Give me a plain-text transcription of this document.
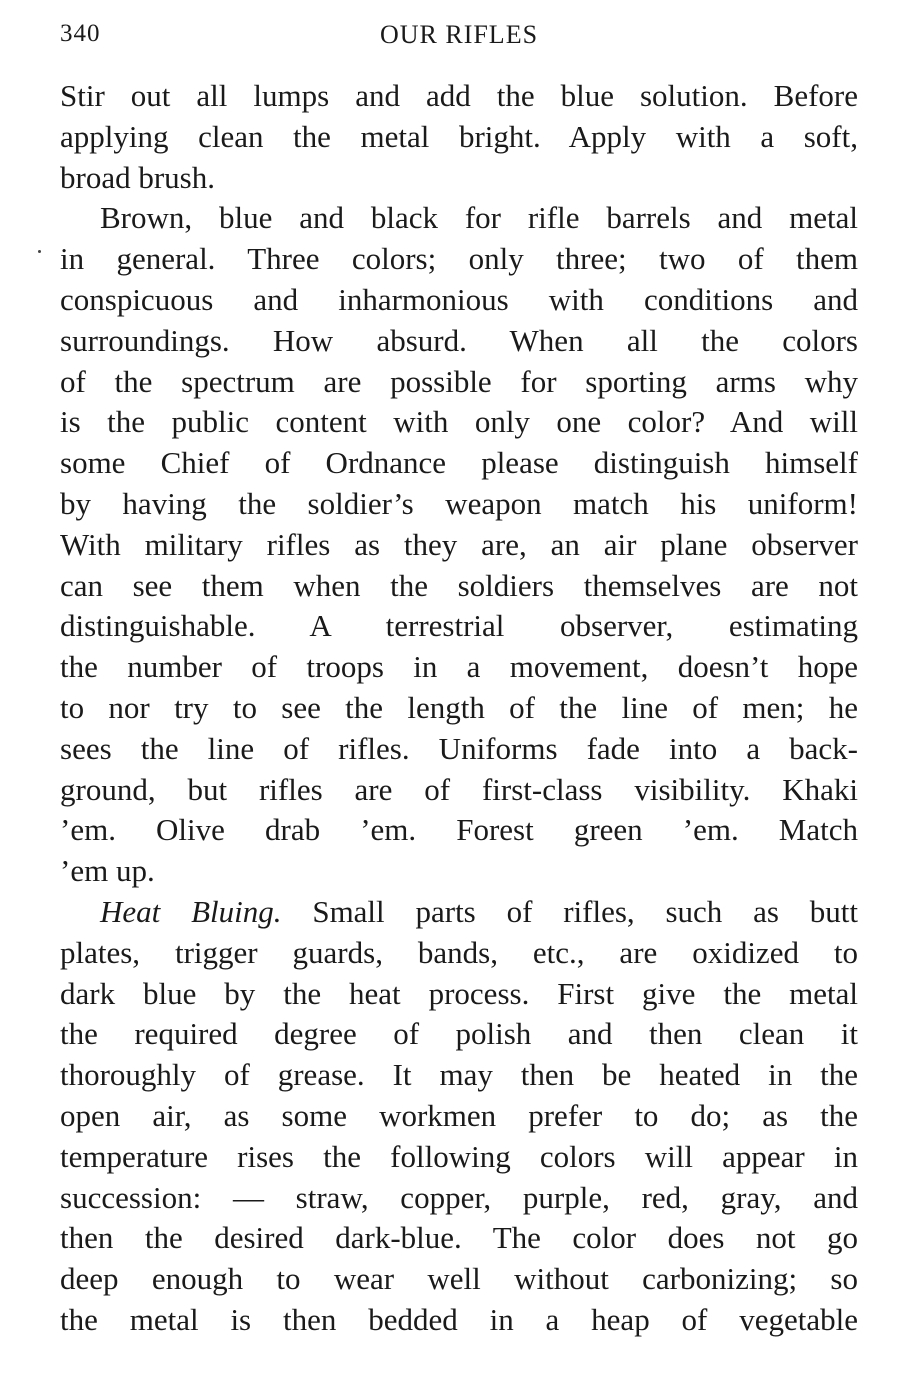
340	OUR RIFLES
Stir out all lumps and add the blue solution. Before
applying clean the metal bright. Apply with a soft,
broad brush.
Brown, blue and black for rifle barrels and metal
in general. Three colors; only three; two of them
conspicuous and inharmonious with conditions and
surroundings. How absurd. When all the colors
of the spectrum are possible for sporting arms why
is the public content with only one color? And will
some Chief of Ordnance please distinguish himself
by having the soldier’s weapon match his uniform!
With military rifles as they are, an air plane observer
can see them when the soldiers themselves are not
distinguishable. A terrestrial observer, estimating
the number of troops in a movement, doesn’t hope
to nor try to see the length of the line of men; he
sees the line of rifles. Uniforms fade into a back-
ground, but rifles are of first-class visibility. Khaki
’em. Olive drab ’em. Forest green ’em. Match
’em up.
Heat Bluing. Small parts of rifles, such as butt
plates, trigger guards, bands, etc., are oxidized to
dark blue by the heat process. First give the metal
the required degree of polish and then clean it
thoroughly of grease. It may then be heated in the
open air, as some workmen prefer to do; as the
temperature rises the following colors will appear in
succession: — straw, copper, purple, red, gray, and
then the desired dark-blue. The color does not go
deep enough to wear well without carbonizing; so
the metal is then bedded in a heap of vegetable
